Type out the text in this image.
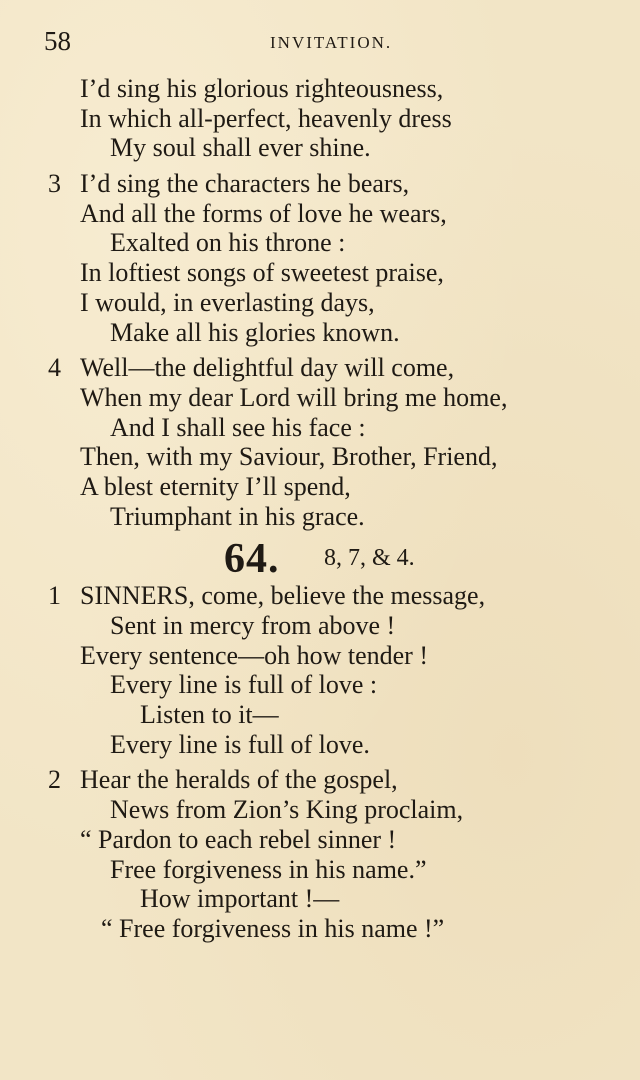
58	INVITATION.
I’d sing his glorious righteousness,
In which all-perfect, heavenly dress
My soul shall ever shine.
3 I’d sing the characters he bears,
And all the forms of love he wears,
Exalted on his throne :
In loftiest songs of sweetest praise,
I would, in everlasting days,
Make all his glories known.
4 Well—the delightful day will come,
When my dear Lord will bring me home,
And I shall see his face :
Then, with my Saviour, Brother, Friend,
A blest eternity I’ll spend,
Triumphant in his grace.
64. 8, 7, & 4.
1 SINNERS, come, believe the message,
Sent in mercy from above !
Every sentence—oh how tender !
Every line is full of love :
Listen to it—
Every line is full of love.
2 Hear the heralds of the gospel,
News from Zion’s King proclaim,
“ Pardon to each rebel sinner !
Free forgiveness in his name.”
How important !—
“ Free forgiveness in his name !”
